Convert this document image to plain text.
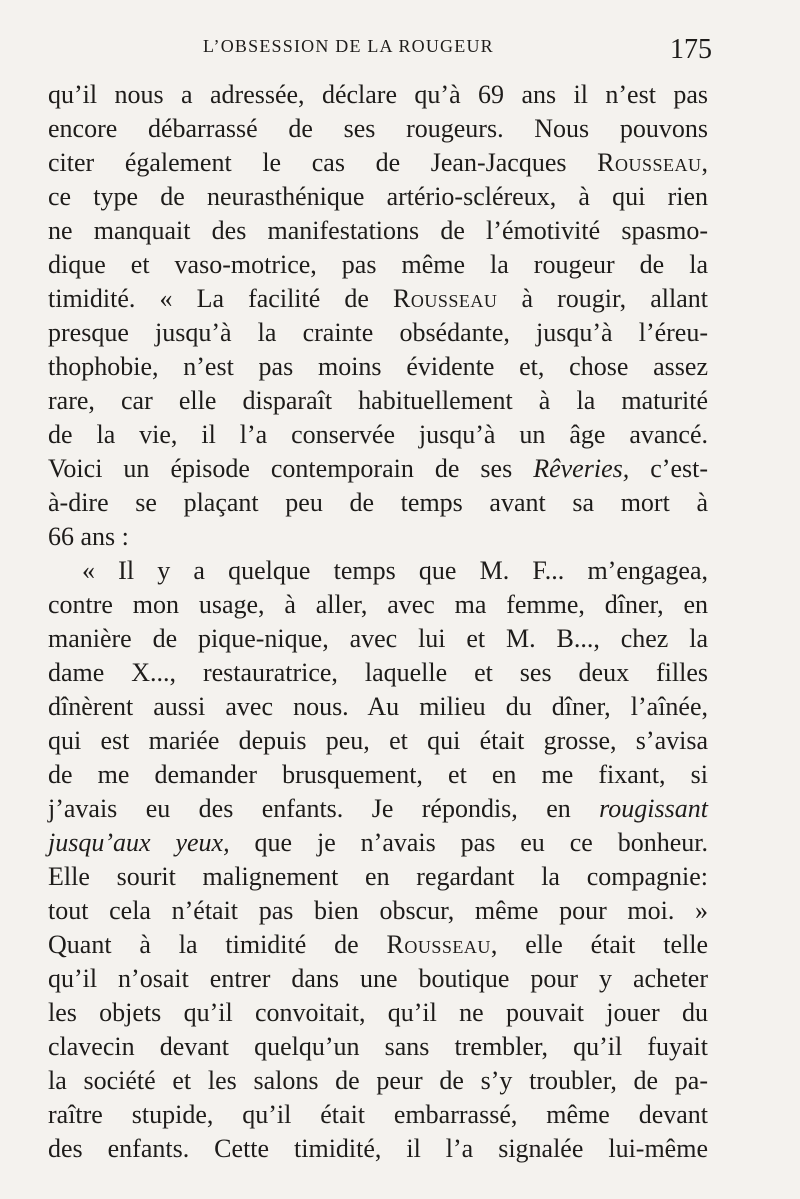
L’OBSESSION DE LA ROUGEUR	175
qu’il nous a adressée, déclare qu’à 69 ans il n’est pas
encore débarrassé de ses rougeurs. Nous pouvons
citer également le cas de Jean-Jacques Rousseau,
ce type de neurasthénique artério-scléreux, à qui rien
ne manquait des manifestations de l’émotivité spasmo-
dique et vaso-motrice, pas même la rougeur de la
timidité. « La facilité de Rousseau à rougir, allant
presque jusqu’à la crainte obsédante, jusqu’à l’éreu-
thophobie, n’est pas moins évidente et, chose assez
rare, car elle disparaît habituellement à la maturité
de la vie, il l’a conservée jusqu’à un âge avancé.
Voici un épisode contemporain de ses Rêveries, c’est-
à-dire se plaçant peu de temps avant sa mort à
66 ans :
« Il y a quelque temps que M. F... m’engagea,
contre mon usage, à aller, avec ma femme, dîner, en
manière de pique-nique, avec lui et M. B..., chez la
dame X..., restauratrice, laquelle et ses deux filles
dînèrent aussi avec nous. Au milieu du dîner, l’aînée,
qui est mariée depuis peu, et qui était grosse, s’avisa
de me demander brusquement, et en me fixant, si
j’avais eu des enfants. Je répondis, en rougissant
jusqu’aux yeux, que je n’avais pas eu ce bonheur.
Elle sourit malignement en regardant la compagnie:
tout cela n’était pas bien obscur, même pour moi. »
Quant à la timidité de Rousseau, elle était telle
qu’il n’osait entrer dans une boutique pour y acheter
les objets qu’il convoitait, qu’il ne pouvait jouer du
clavecin devant quelqu’un sans trembler, qu’il fuyait
la société et les salons de peur de s’y troubler, de pa-
raître stupide, qu’il était embarrassé, même devant
des enfants. Cette timidité, il l’a signalée lui-même
